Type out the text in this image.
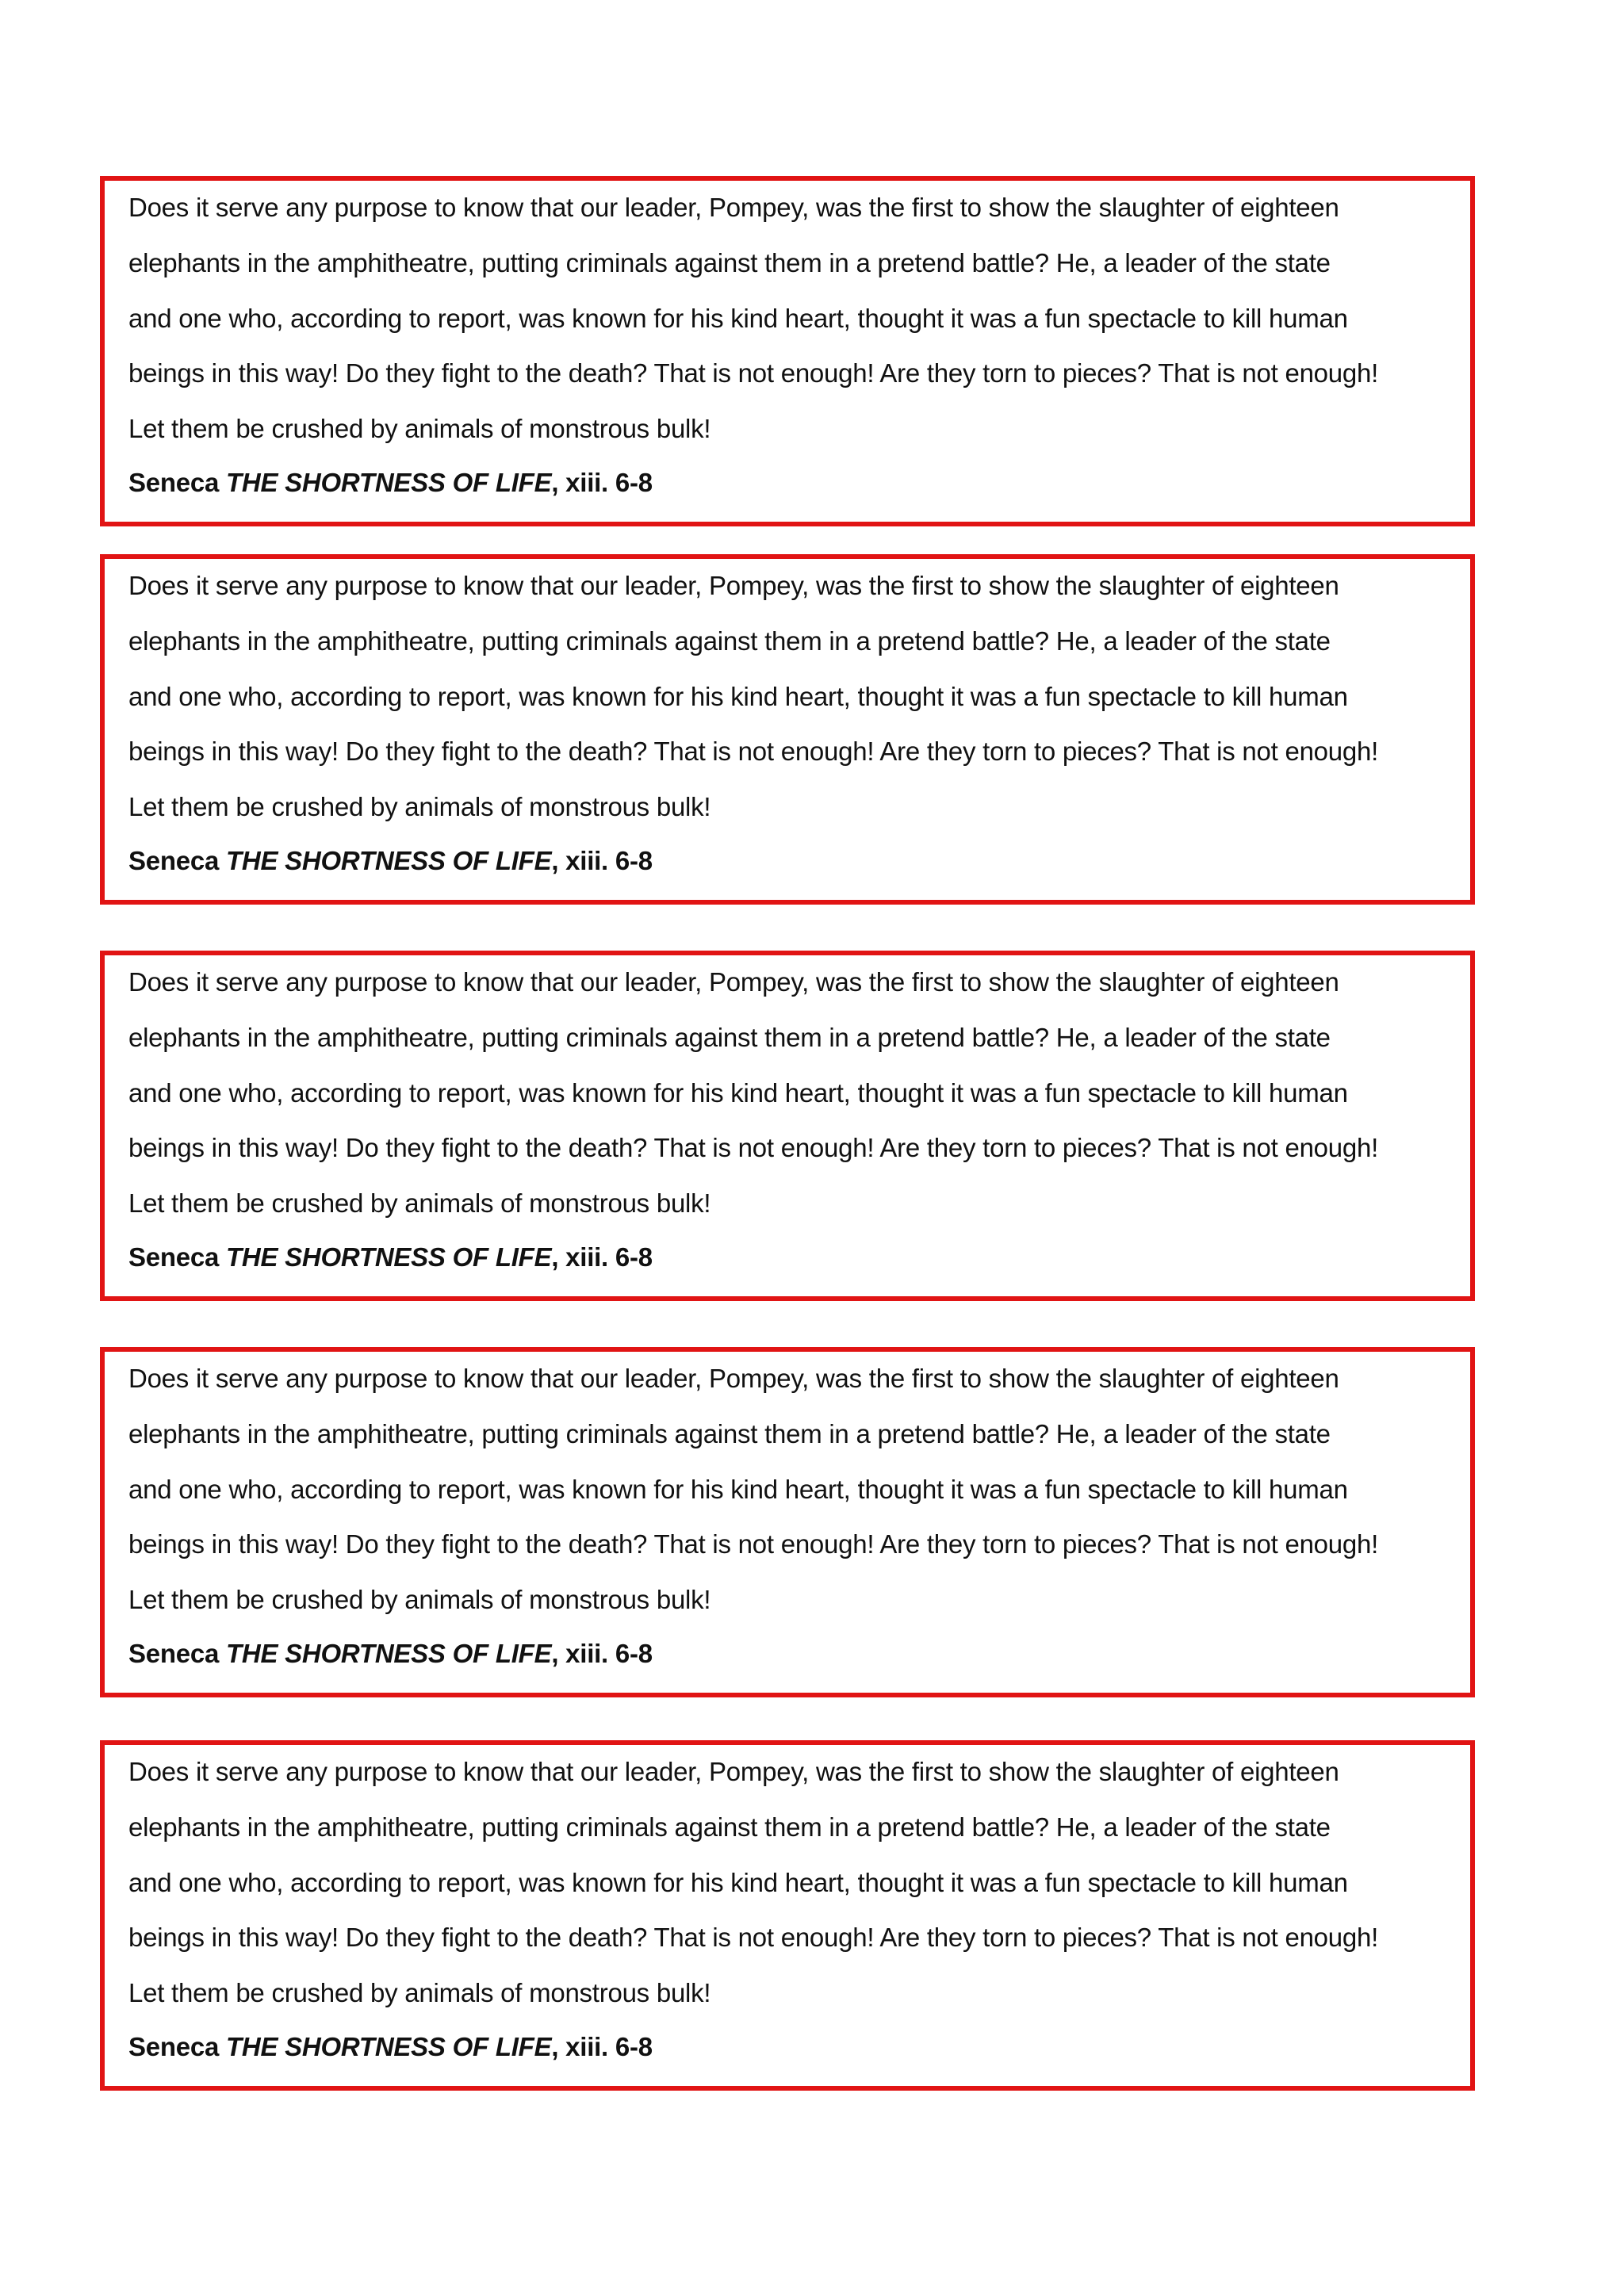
Does it serve any purpose to know that our leader, Pompey, was the first to show the slaughter of eighteen
elephants in the amphitheatre, putting criminals against them in a pretend battle? He, a leader of the state
and one who, according to report, was known for his kind heart, thought it was a fun spectacle to kill human
beings in this way! Do they fight to the death? That is not enough! Are they torn to pieces? That is not enough!
Let them be crushed by animals of monstrous bulk!
Seneca THE SHORTNESS OF LIFE, xiii. 6-8
Does it serve any purpose to know that our leader, Pompey, was the first to show the slaughter of eighteen
elephants in the amphitheatre, putting criminals against them in a pretend battle? He, a leader of the state
and one who, according to report, was known for his kind heart, thought it was a fun spectacle to kill human
beings in this way! Do they fight to the death? That is not enough! Are they torn to pieces? That is not enough!
Let them be crushed by animals of monstrous bulk!
Seneca THE SHORTNESS OF LIFE, xiii. 6-8
Does it serve any purpose to know that our leader, Pompey, was the first to show the slaughter of eighteen
elephants in the amphitheatre, putting criminals against them in a pretend battle? He, a leader of the state
and one who, according to report, was known for his kind heart, thought it was a fun spectacle to kill human
beings in this way! Do they fight to the death? That is not enough! Are they torn to pieces? That is not enough!
Let them be crushed by animals of monstrous bulk!
Seneca THE SHORTNESS OF LIFE, xiii. 6-8
Does it serve any purpose to know that our leader, Pompey, was the first to show the slaughter of eighteen
elephants in the amphitheatre, putting criminals against them in a pretend battle? He, a leader of the state
and one who, according to report, was known for his kind heart, thought it was a fun spectacle to kill human
beings in this way! Do they fight to the death? That is not enough! Are they torn to pieces? That is not enough!
Let them be crushed by animals of monstrous bulk!
Seneca THE SHORTNESS OF LIFE, xiii. 6-8
Does it serve any purpose to know that our leader, Pompey, was the first to show the slaughter of eighteen
elephants in the amphitheatre, putting criminals against them in a pretend battle? He, a leader of the state
and one who, according to report, was known for his kind heart, thought it was a fun spectacle to kill human
beings in this way! Do they fight to the death? That is not enough! Are they torn to pieces? That is not enough!
Let them be crushed by animals of monstrous bulk!
Seneca THE SHORTNESS OF LIFE, xiii. 6-8
